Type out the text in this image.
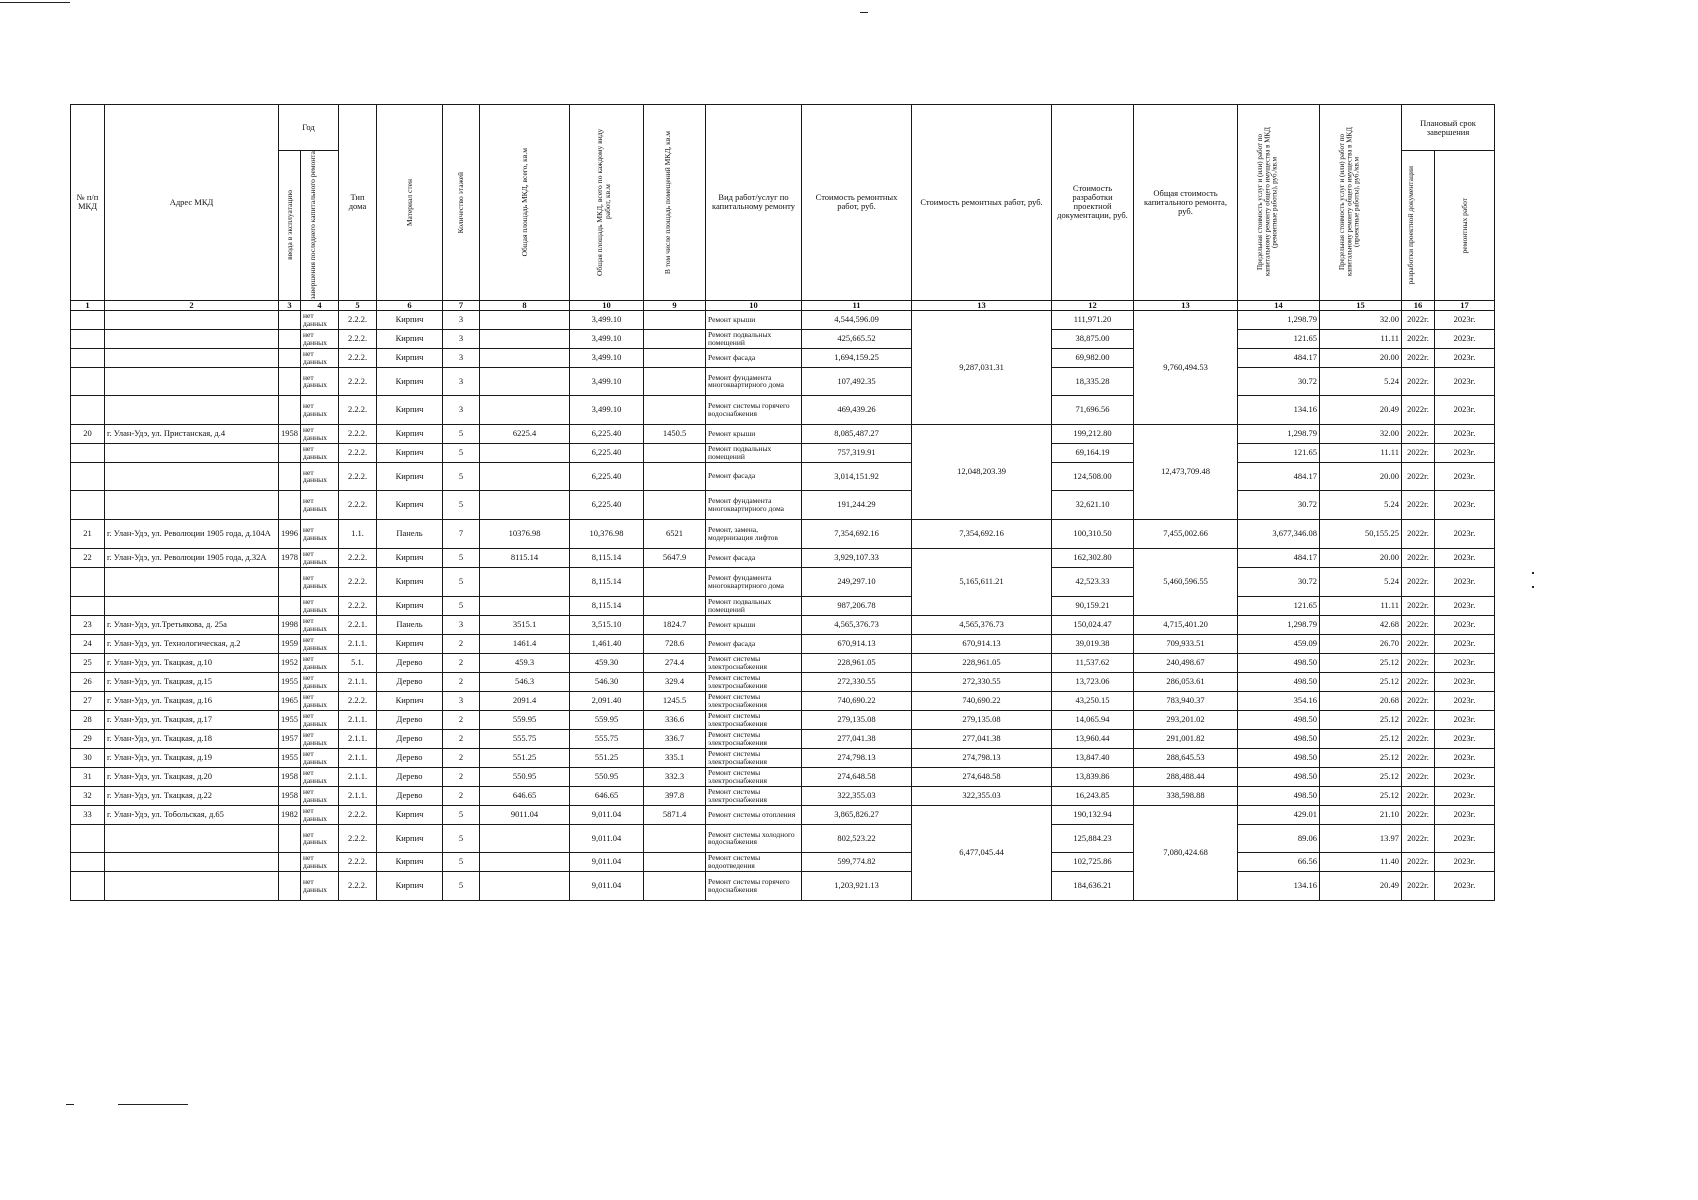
№ п/п МКД	Адрес МКД	Год		Тип дома	Материал стен	Количество этажей	Общая площадь МКД, всего, кв.м	Общая площадь МКД, всего по каждому виду работ, кв.м	В том числе площадь помещений МКД, кв.м	Вид работ/услуг по капитальному ремонту	Стоимость ремонтных работ, руб.	Стоимость ремонтных работ, руб.	Стоимость разработки проектной документации, руб.	Общая стоимость капитального ремонта, руб.	Предельная стоимость услуг и (или) работ по капитальному ремонту общего имущества в МКД (ремонтные работы), руб./кв.м	Предельная стоимость услуг и (или) работ по капитальному ремонту общего имущества в МКД (проектные работы), руб./кв.м	Плановый срок завершения	

		ввода в эксплуатацию	завершения последнего капитального ремонта														разработки проектной документации	ремонтных работ

1	2	3	4	5	6	7	8	10	9	10	11	13	12	13	14	15	16	17
			нет данных	2.2.2.	Кирпич	3		3,499.10		Ремонт крыши	4,544,596.09	9,287,031.31	111,971.20	9,760,494.53	1,298.79	32.00	2022г.	2023г.
			нет данных	2.2.2.	Кирпич	3		3,499.10		Ремонт подвальных помещений	425,665.52		38,875.00		121.65	11.11	2022г.	2023г.
			нет данных	2.2.2.	Кирпич	3		3,499.10		Ремонт фасада	1,694,159.25		69,982.00		484.17	20.00	2022г.	2023г.
			нет данных	2.2.2.	Кирпич	3		3,499.10		Ремонт фундамента многоквартирного дома	107,492.35		18,335.28		30.72	5.24	2022г.	2023г.
			нет данных	2.2.2.	Кирпич	3		3,499.10		Ремонт системы горячего водоснабжения	469,439.26		71,696.56		134.16	20.49	2022г.	2023г.
20	г. Улан-Удэ, ул. Пристанская, д.4	1958	нет данных	2.2.2.	Кирпич	5	6225.4	6,225.40	1450.5	Ремонт крыши	8,085,487.27	12,048,203.39	199,212.80	12,473,709.48	1,298.79	32.00	2022г.	2023г.
			нет данных	2.2.2.	Кирпич	5		6,225.40		Ремонт подвальных помещений	757,319.91		69,164.19		121.65	11.11	2022г.	2023г.
			нет данных	2.2.2.	Кирпич	5		6,225.40		Ремонт фасада	3,014,151.92		124,508.00		484.17	20.00	2022г.	2023г.
			нет данных	2.2.2.	Кирпич	5		6,225.40		Ремонт фундамента многоквартирного дома	191,244.29		32,621.10		30.72	5.24	2022г.	2023г.
21	г. Улан-Удэ, ул. Революции 1905 года, д.104А	1996	нет данных	1.1.	Панель	7	10376.98	10,376.98	6521	Ремонт, замена, модернизация лифтов	7,354,692.16	7,354,692.16	100,310.50	7,455,002.66	3,677,346.08	50,155.25	2022г.	2023г.
22	г. Улан-Удэ, ул. Революции 1905 года, д.32А	1978	нет данных	2.2.2.	Кирпич	5	8115.14	8,115.14	5647.9	Ремонт фасада	3,929,107.33	5,165,611.21	162,302.80	5,460,596.55	484.17	20.00	2022г.	2023г.
			нет данных	2.2.2.	Кирпич	5		8,115.14		Ремонт фундамента многоквартирного дома	249,297.10		42,523.33		30.72	5.24	2022г.	2023г.
			нет данных	2.2.2.	Кирпич	5		8,115.14		Ремонт подвальных помещений	987,206.78		90,159.21		121.65	11.11	2022г.	2023г.
23	г. Улан-Удэ, ул.Третьякова, д. 25а	1998	нет данных	2.2.1.	Панель	3	3515.1	3,515.10	1824.7	Ремонт крыши	4,565,376.73	4,565,376.73	150,024.47	4,715,401.20	1,298.79	42.68	2022г.	2023г.
24	г. Улан-Удэ, ул. Технологическая, д.2	1959	нет данных	2.1.1.	Кирпич	2	1461.4	1,461.40	728.6	Ремонт фасада	670,914.13	670,914.13	39,019.38	709,933.51	459.09	26.70	2022г.	2023г.
25	г. Улан-Удэ, ул. Ткацкая, д.10	1952	нет данных	5.1.	Дерево	2	459.3	459.30	274.4	Ремонт системы электроснабжения	228,961.05	228,961.05	11,537.62	240,498.67	498.50	25.12	2022г.	2023г.
26	г. Улан-Удэ, ул. Ткацкая, д.15	1955	нет данных	2.1.1.	Дерево	2	546.3	546.30	329.4	Ремонт системы электроснабжения	272,330.55	272,330.55	13,723.06	286,053.61	498.50	25.12	2022г.	2023г.
27	г. Улан-Удэ, ул. Ткацкая, д.16	1965	нет данных	2.2.2.	Кирпич	3	2091.4	2,091.40	1245.5	Ремонт системы электроснабжения	740,690.22	740,690.22	43,250.15	783,940.37	354.16	20.68	2022г.	2023г.
28	г. Улан-Удэ, ул. Ткацкая, д.17	1955	нет данных	2.1.1.	Дерево	2	559.95	559.95	336.6	Ремонт системы электроснабжения	279,135.08	279,135.08	14,065.94	293,201.02	498.50	25.12	2022г.	2023г.
29	г. Улан-Удэ, ул. Ткацкая, д.18	1957	нет данных	2.1.1.	Дерево	2	555.75	555.75	336.7	Ремонт системы электроснабжения	277,041.38	277,041.38	13,960.44	291,001.82	498.50	25.12	2022г.	2023г.
30	г. Улан-Удэ, ул. Ткацкая, д.19	1955	нет данных	2.1.1.	Дерево	2	551.25	551.25	335.1	Ремонт системы электроснабжения	274,798.13	274,798.13	13,847.40	288,645.53	498.50	25.12	2022г.	2023г.
31	г. Улан-Удэ, ул. Ткацкая, д.20	1958	нет данных	2.1.1.	Дерево	2	550.95	550.95	332.3	Ремонт системы электроснабжения	274,648.58	274,648.58	13,839.86	288,488.44	498.50	25.12	2022г.	2023г.
32	г. Улан-Удэ, ул. Ткацкая, д.22	1958	нет данных	2.1.1.	Дерево	2	646.65	646.65	397.8	Ремонт системы электроснабжения	322,355.03	322,355.03	16,243.85	338,598.88	498.50	25.12	2022г.	2023г.
33	г. Улан-Удэ, ул. Тобольская, д.65	1982	нет данных	2.2.2.	Кирпич	5	9011.04	9,011.04	5871.4	Ремонт системы отопления	3,865,826.27	6,477,045.44	190,132.94	7,080,424.68	429.01	21.10	2022г.	2023г.
			нет данных	2.2.2.	Кирпич	5		9,011.04		Ремонт системы холодного водоснабжения	802,523.22		125,884.23		89.06	13.97	2022г.	2023г.
			нет данных	2.2.2.	Кирпич	5		9,011.04		Ремонт системы водоотведения	599,774.82		102,725.86		66.56	11.40	2022г.	2023г.
			нет данных	2.2.2.	Кирпич	5		9,011.04		Ремонт системы горячего водоснабжения	1,203,921.13		184,636.21		134.16	20.49	2022г.	2023г.
